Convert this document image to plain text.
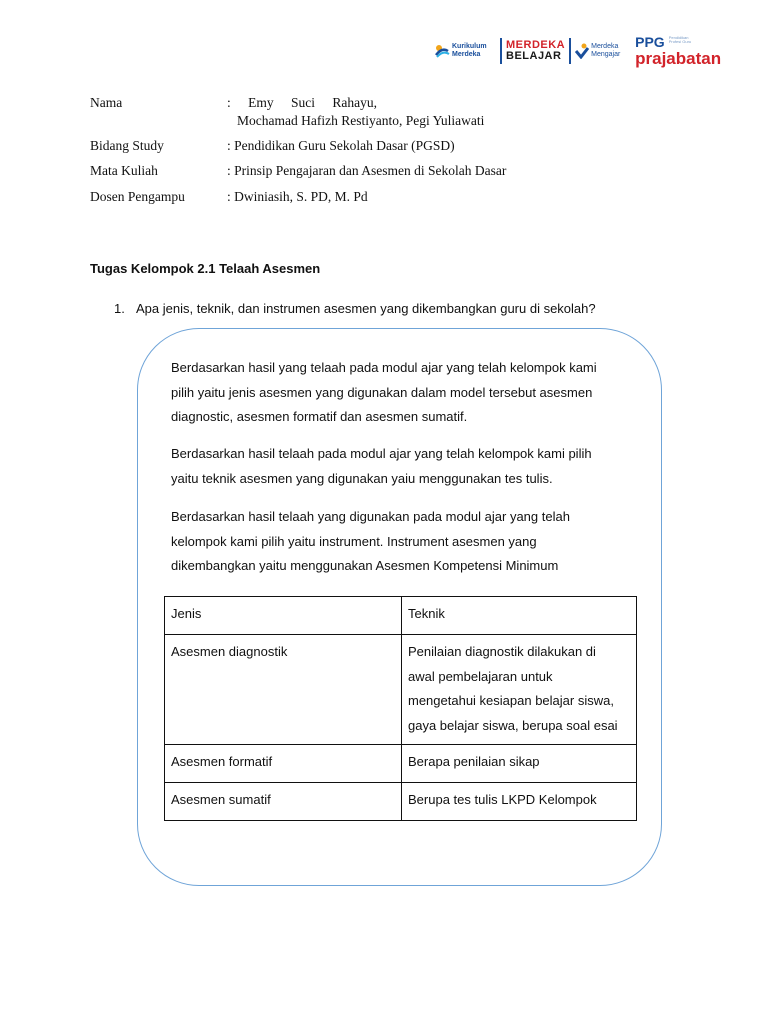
Kurikulum Merdeka
MERDEKA
BELAJAR
Merdeka Mengajar
PPG Pendidikan Profesi Guru
prajabatan
Nama	: Emy Suci Rahayu,
Mochamad Hafizh Restiyanto, Pegi Yuliawati
Bidang Study	: Pendidikan Guru Sekolah Dasar (PGSD)
Mata Kuliah	: Prinsip Pengajaran dan Asesmen di Sekolah Dasar
Dosen Pengampu	: Dwiniasih, S. PD, M. Pd
Tugas Kelompok 2.1 Telaah Asesmen
1. Apa jenis, teknik, dan instrumen asesmen yang dikembangkan guru di sekolah?
Berdasarkan hasil yang telaah pada modul ajar yang telah kelompok kami
pilih yaitu jenis asesmen yang digunakan dalam model tersebut asesmen
diagnostic, asesmen formatif dan asesmen sumatif.
Berdasarkan hasil telaah pada modul ajar yang telah kelompok kami pilih
yaitu teknik asesmen yang digunakan yaiu menggunakan tes tulis.
Berdasarkan hasil telaah yang digunakan pada modul ajar yang telah
kelompok kami pilih yaitu instrument. Instrument asesmen yang
dikembangkan yaitu menggunakan Asesmen Kompetensi Minimum
Jenis	Teknik
Asesmen diagnostik	Penilaian diagnostik dilakukan di
awal pembelajaran untuk
mengetahui kesiapan belajar siswa,
gaya belajar siswa, berupa soal esai

Asesmen formatif	Berapa penilaian sikap
Asesmen sumatif	Berupa tes tulis LKPD Kelompok
